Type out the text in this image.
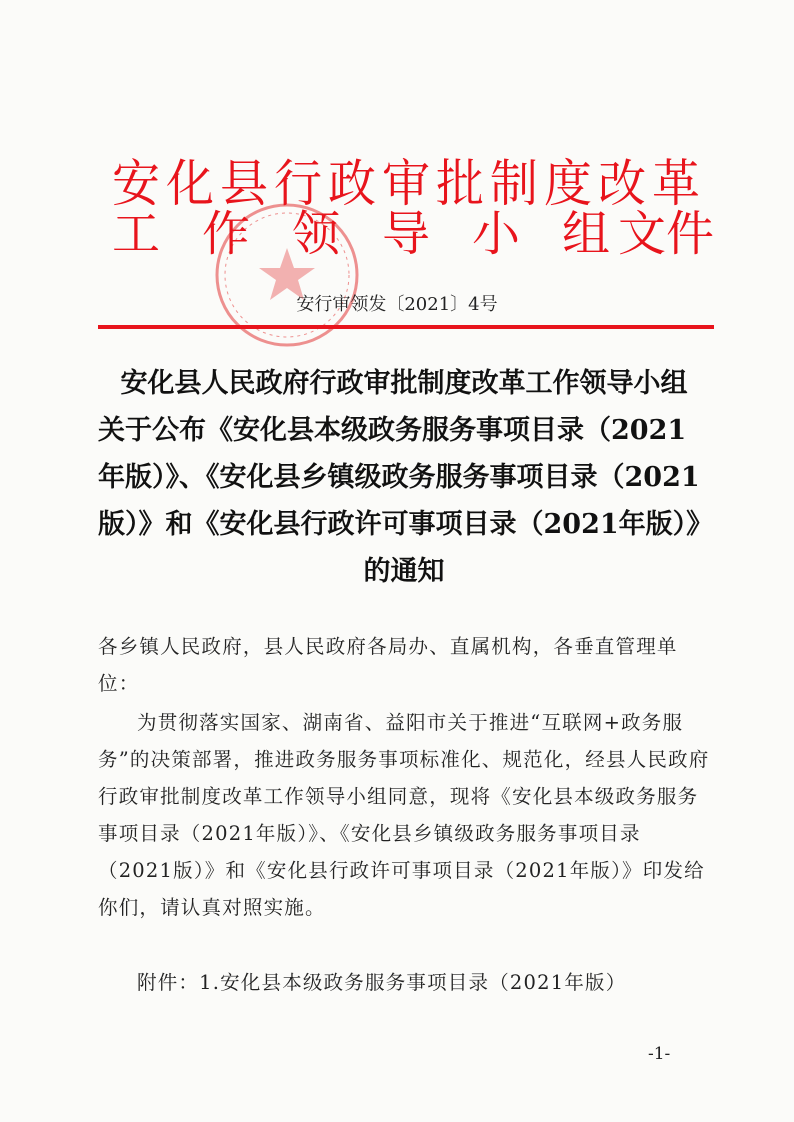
安化县行政审批制度改革
工 作 领 导 小 组 文件
安行审领发〔2021〕4号
安化县人民政府行政审批制度改革工作领导小组
关于公布《安化县本级政务服务事项目录（2021
年版）》、《安化县乡镇级政务服务事项目录（2021
版）》和《安化县行政许可事项目录（2021年版）》
的通知
各乡镇人民政府，县人民政府各局办、直属机构，各垂直管理单位：
为贯彻落实国家、湖南省、益阳市关于推进“互联网+政务服务”的决策部署，推进政务服务事项标准化、规范化，经县人民政府行政审批制度改革工作领导小组同意，现将《安化县本级政务服务事项目录（2021年版）》、《安化县乡镇级政务服务事项目录（2021版）》和《安化县行政许可事项目录（2021年版）》印发给你们，请认真对照实施。
附件：1.安化县本级政务服务事项目录（2021年版）
-1-
